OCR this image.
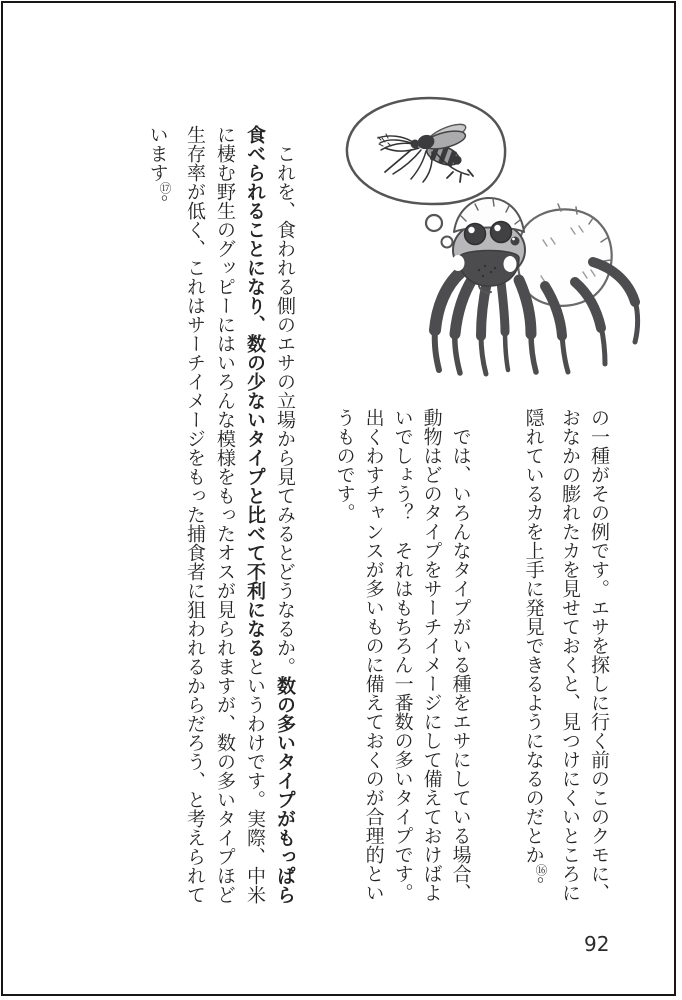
の一種がその例です。エサを探しに行く前のこのクモに、おなかの膨れたカを見せておくと、見つけにくいところに隠れているカを上手に発見できるようになるのだとか⑯。

では、いろんなタイプがいる種をエサにしている場合、動物はどのタイプをサーチイメージにして備えておけばよいでしょう？　それはもちろん一番数の多いタイプです。出くわすチャンスが多いものに備えておくのが合理的というものです。

これを、食われる側のエサの立場から見てみるとどうなるか。数の多いタイプがもっぱら食べられることになり、数の少ないタイプと比べて不利になるというわけです。実際、中米に棲む野生のグッピーにはいろんな模様をもったオスが見られますが、数の多いタイプほど生存率が低く、これはサーチイメージをもった捕食者に狙われるからだろう、と考えられています⑰。

92
